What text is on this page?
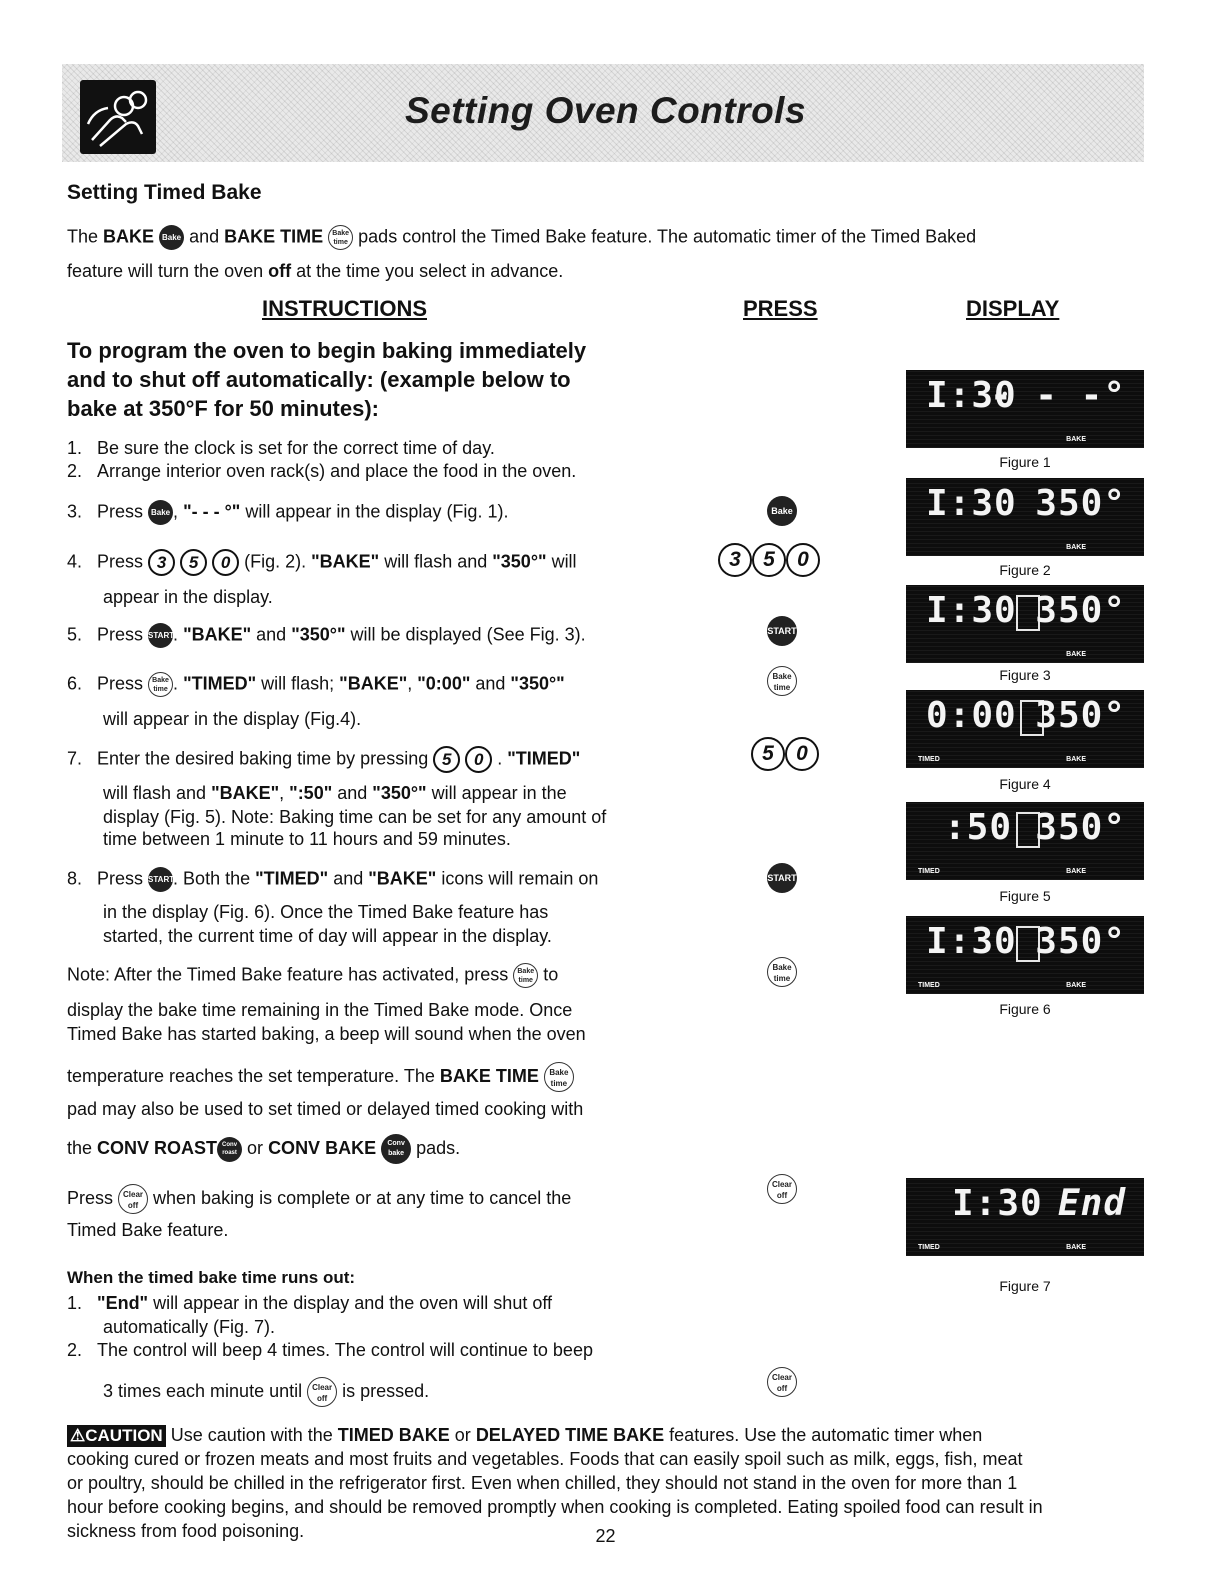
Setting Oven Controls
Setting Timed Bake
The BAKE Bake and BAKE TIME Bake
time pads control the Timed Bake feature. The automatic timer of the Timed Baked
feature will turn the oven off at the time you select in advance.
INSTRUCTIONS	PRESS	DISPLAY
To program the oven to begin baking immediately
and to shut off automatically: (example below to
bake at 350°F for 50 minutes):
1. Be sure the clock is set for the correct time of day.
2. Arrange interior oven rack(s) and place the food in the oven.
3. Press Bake , "- - - °" will appear in the display (Fig. 1).
4. Press 3 5 0 (Fig. 2). "BAKE" will flash and "350°" will
appear in the display.
5. Press START. "BAKE" and "350°" will be displayed (See Fig. 3).
6. Press Bake
time . "TIMED" will flash; "BAKE", "0:00" and "350°"
will appear in the display (Fig.4).
7. Enter the desired baking time by pressing 5 0 . "TIMED"
will flash and "BAKE", ":50" and "350°" will appear in the
display (Fig. 5). Note: Baking time can be set for any amount of
time between 1 minute to 11 hours and 59 minutes.
8. Press START. Both the "TIMED" and "BAKE" icons will remain on
in the display (Fig. 6). Once the Timed Bake feature has
started, the current time of day will appear in the display.
Note: After the Timed Bake feature has activated, press Bake
time to
display the bake time remaining in the Timed Bake mode. Once
Timed Bake has started baking, a beep will sound when the oven
temperature reaches the set temperature. The BAKE TIME Bake
time
pad may also be used to set timed or delayed timed cooking with
the CONV ROAST Conv
roast or CONV BAKE Conv
bake pads.
Press Clear
off when baking is complete or at any time to cancel the
Timed Bake feature.
When the timed bake time runs out:
1. "End" will appear in the display and the oven will shut off
automatically (Fig. 7).
2. The control will beep 4 times. The control will continue to beep
3 times each minute until Clear
off is pressed.
Bake
3 5 0
START
Bake
time
5 0
START
Bake
time
Clear
off
Clear
off
I:30
- - -°
BAKE
Figure 1
I:30 350°
BAKE
Figure 2
I:30 350°
BAKE
Figure 3
0:00 350°
TIMED	BAKE
Figure 4
:50 350°
TIMED	BAKE
Figure 5
I:30 350°
TIMED	BAKE
Figure 6
I:30 End
TIMED	BAKE
Figure 7
⚠CAUTION Use caution with the TIMED BAKE or DELAYED TIME BAKE features. Use the automatic timer when
cooking cured or frozen meats and most fruits and vegetables. Foods that can easily spoil such as milk, eggs, fish, meat
or poultry, should be chilled in the refrigerator first. Even when chilled, they should not stand in the oven for more than 1
hour before cooking begins, and should be removed promptly when cooking is completed. Eating spoiled food can result in
sickness from food poisoning.	22
